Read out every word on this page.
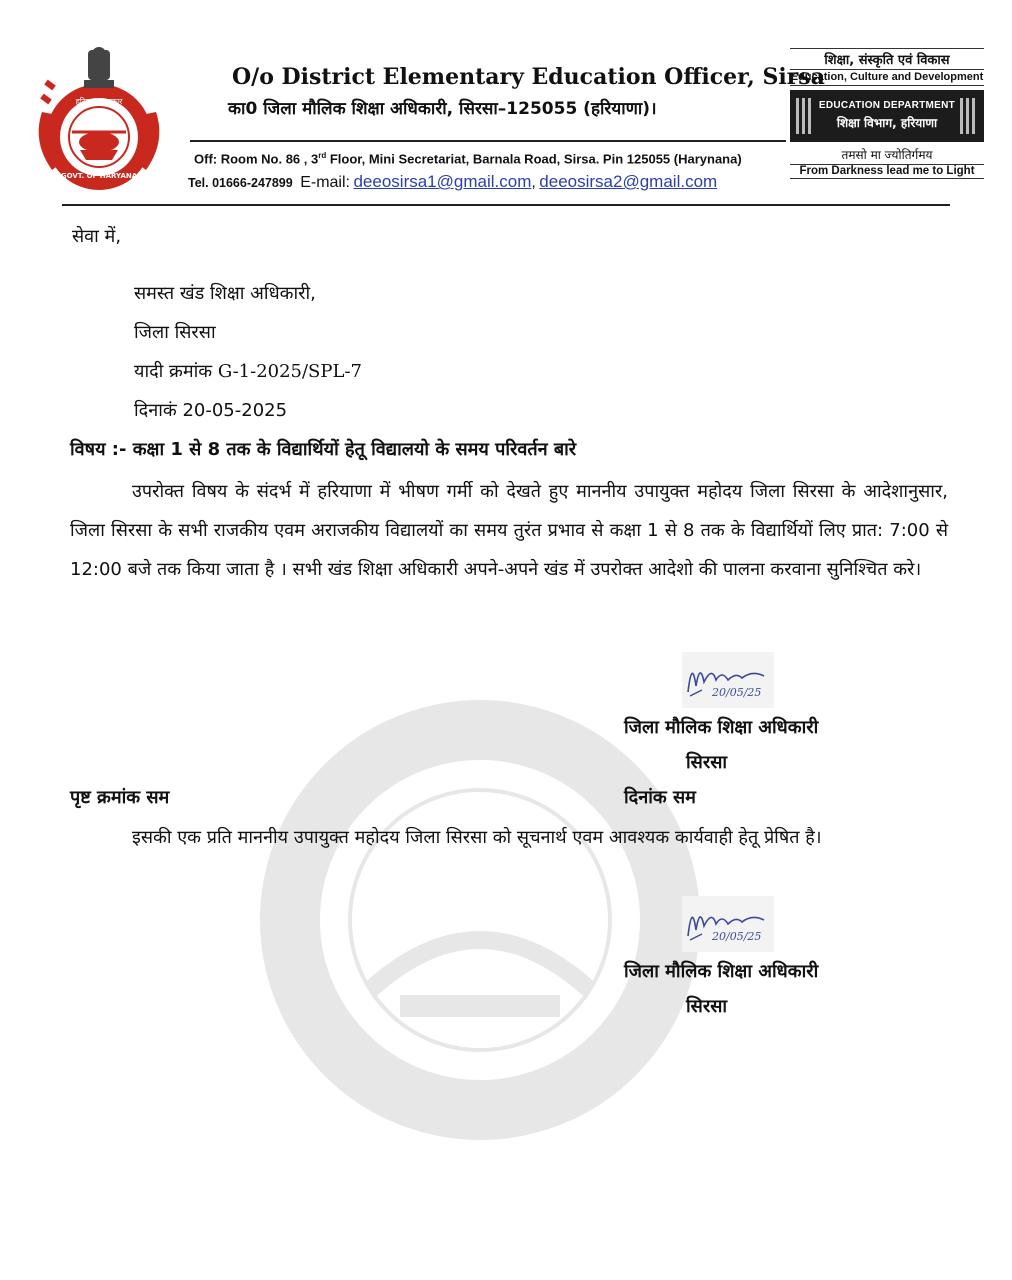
हरियाणा सरकार
GOVT. OF HARYANA
O/o District Elementary Education Officer, Sirsa
का0 जिला मौलिक शिक्षा अधिकारी, सिरसा–125055 (हरियाणा)।
Off: Room No. 86 , 3rd Floor, Mini Secretariat, Barnala Road, Sirsa. Pin 125055 (Harynana)
Tel. 01666-247899 E-mail: deeosirsa1@gmail.com, deeosirsa2@gmail.com
शिक्षा, संस्कृति एवं विकास
Education, Culture and Development
EDUCATION DEPARTMENT
शिक्षा विभाग, हरियाणा
तमसो मा ज्योतिर्गमय
From Darkness lead me to Light
सेवा में,
समस्त खंड शिक्षा अधिकारी,
जिला सिरसा
यादी क्रमांक G-1-2025/SPL-7
दिनाकं 20-05-2025
विषय :- कक्षा 1 से 8 तक के विद्यार्थियों हेतू विद्यालयो के समय परिवर्तन बारे
उपरोक्त विषय के संदर्भ में हरियाणा में भीषण गर्मी को देखते हुए माननीय उपायुक्त महोदय जिला सिरसा के आदेशानुसार, जिला सिरसा के सभी राजकीय एवम अराजकीय विद्यालयों का समय तुरंत प्रभाव से कक्षा 1 से 8 तक के विद्यार्थियों लिए प्रात: 7:00 से 12:00 बजे तक किया जाता है । सभी खंड शिक्षा अधिकारी अपने-अपने खंड में उपरोक्त आदेशो की पालना करवाना सुनिश्चित करे।
20/05/25
जिला मौलिक शिक्षा अधिकारी
सिरसा
पृष्ट क्रमांक सम	दिनांक सम
इसकी एक प्रति माननीय उपायुक्त महोदय जिला सिरसा को सूचनार्थ एवम आवश्यक कार्यवाही हेतू प्रेषित है।
20/05/25
जिला मौलिक शिक्षा अधिकारी
सिरसा
